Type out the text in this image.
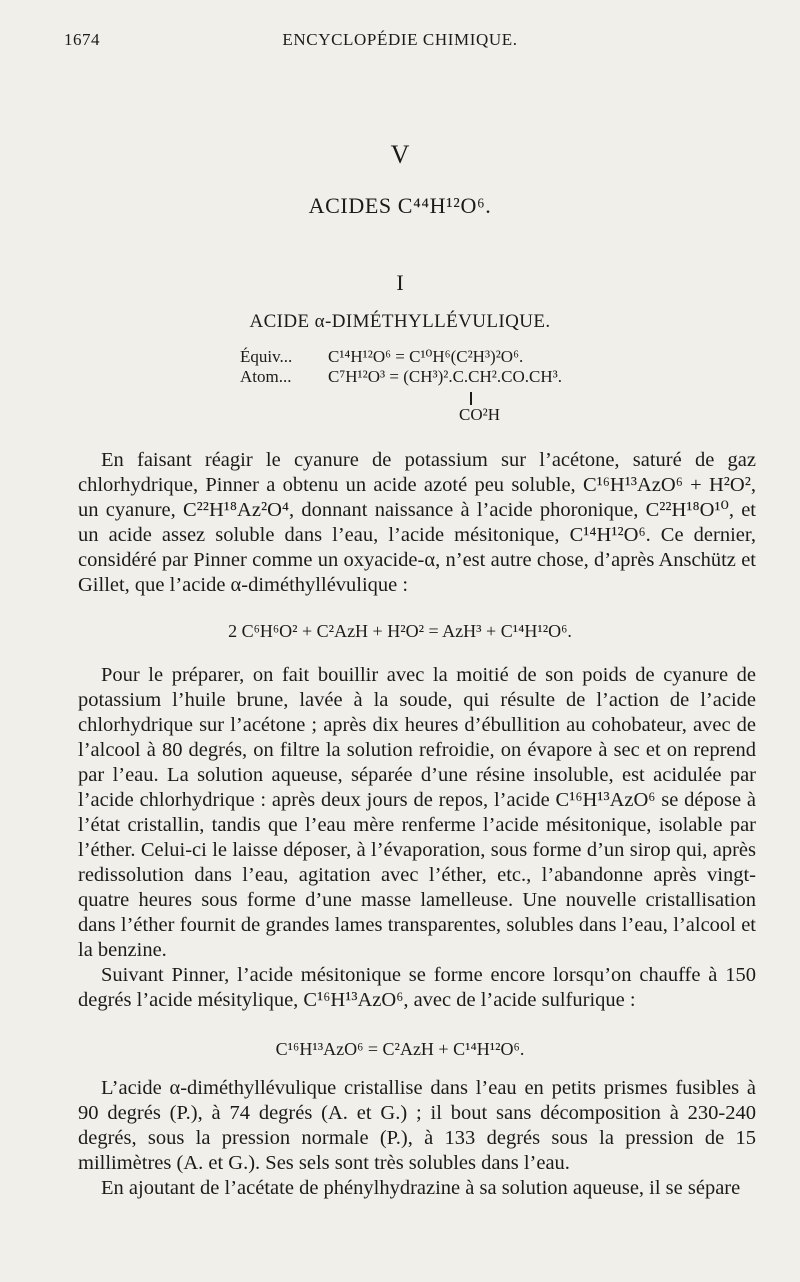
1674	ENCYCLOPÉDIE CHIMIQUE.
V
ACIDES C⁴⁴H¹²O⁶.
I
ACIDE α-DIMÉTHYLLÉVULIQUE.
Équiv...	C¹⁴H¹²O⁶ = C¹⁰H⁶(C²H³)²O⁶.
Atom...	C⁷H¹²O³ = (CH³)².C.CH².CO.CH³.
CO²H

En faisant réagir le cyanure de potassium sur l’acétone, saturé de gaz chlorhydrique, Pinner a obtenu un acide azoté peu soluble, C¹⁶H¹³AzO⁶ + H²O², un cyanure, C²²H¹⁸Az²O⁴, donnant naissance à l’acide phoronique, C²²H¹⁸O¹⁰, et un acide assez soluble dans l’eau, l’acide mésitonique, C¹⁴H¹²O⁶. Ce dernier, considéré par Pinner comme un oxyacide-α, n’est autre chose, d’après Anschütz et Gillet, que l’acide α-diméthyllévulique :

2 C⁶H⁶O² + C²AzH + H²O² = AzH³ + C¹⁴H¹²O⁶.

Pour le préparer, on fait bouillir avec la moitié de son poids de cyanure de potassium l’huile brune, lavée à la soude, qui résulte de l’action de l’acide chlorhydrique sur l’acétone ; après dix heures d’ébullition au cohobateur, avec de l’alcool à 80 degrés, on filtre la solution refroidie, on évapore à sec et on reprend par l’eau. La solution aqueuse, séparée d’une résine insoluble, est acidulée par l’acide chlorhydrique : après deux jours de repos, l’acide C¹⁶H¹³AzO⁶ se dépose à l’état cristallin, tandis que l’eau mère renferme l’acide mésitonique, isolable par l’éther. Celui-ci le laisse déposer, à l’évaporation, sous forme d’un sirop qui, après redissolution dans l’eau, agitation avec l’éther, etc., l’abandonne après vingt-quatre heures sous forme d’une masse lamelleuse. Une nouvelle cristallisation dans l’éther fournit de grandes lames transparentes, solubles dans l’eau, l’alcool et la benzine.

Suivant Pinner, l’acide mésitonique se forme encore lorsqu’on chauffe à 150 degrés l’acide mésitylique, C¹⁶H¹³AzO⁶, avec de l’acide sulfurique :

C¹⁶H¹³AzO⁶ = C²AzH + C¹⁴H¹²O⁶.

L’acide α-diméthyllévulique cristallise dans l’eau en petits prismes fusibles à 90 degrés (P.), à 74 degrés (A. et G.) ; il bout sans décomposition à 230-240 degrés, sous la pression normale (P.), à 133 degrés sous la pression de 15 millimètres (A. et G.). Ses sels sont très solubles dans l’eau.

En ajoutant de l’acétate de phénylhydrazine à sa solution aqueuse, il se sépare
